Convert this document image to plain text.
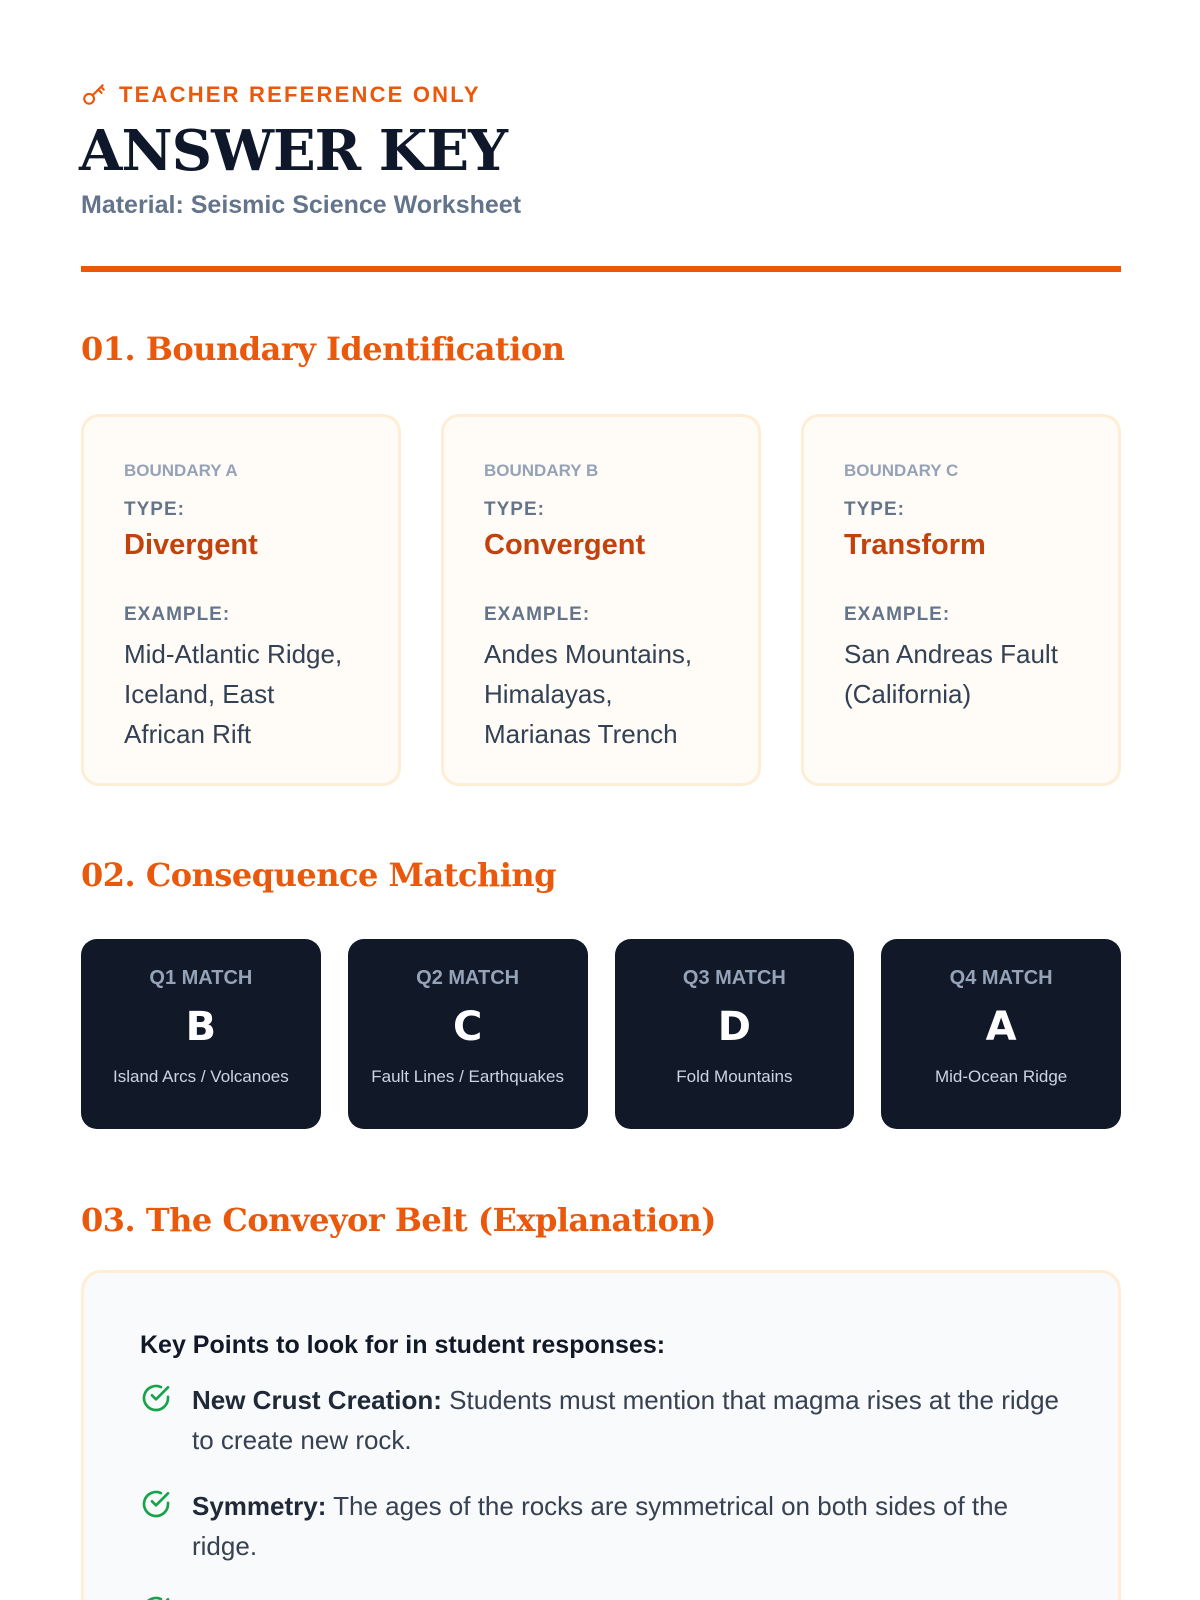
TEACHER REFERENCE ONLY
ANSWER KEY
Material: Seismic Science Worksheet
01. Boundary Identification
BOUNDARY A
TYPE:
Divergent
EXAMPLE:
Mid-Atlantic Ridge, Iceland, East African Rift
BOUNDARY B
TYPE:
Convergent
EXAMPLE:
Andes Mountains, Himalayas, Marianas Trench
BOUNDARY C
TYPE:
Transform
EXAMPLE:
San Andreas Fault (California)
02. Consequence Matching
Q1 MATCH
B
Island Arcs / Volcanoes
Q2 MATCH
C
Fault Lines / Earthquakes
Q3 MATCH
D
Fold Mountains
Q4 MATCH
A
Mid-Ocean Ridge
03. The Conveyor Belt (Explanation)
Key Points to look for in student responses:
New Crust Creation: Students must mention that magma rises at the ridge to create new rock.
Symmetry: The ages of the rocks are symmetrical on both sides of the ridge.
